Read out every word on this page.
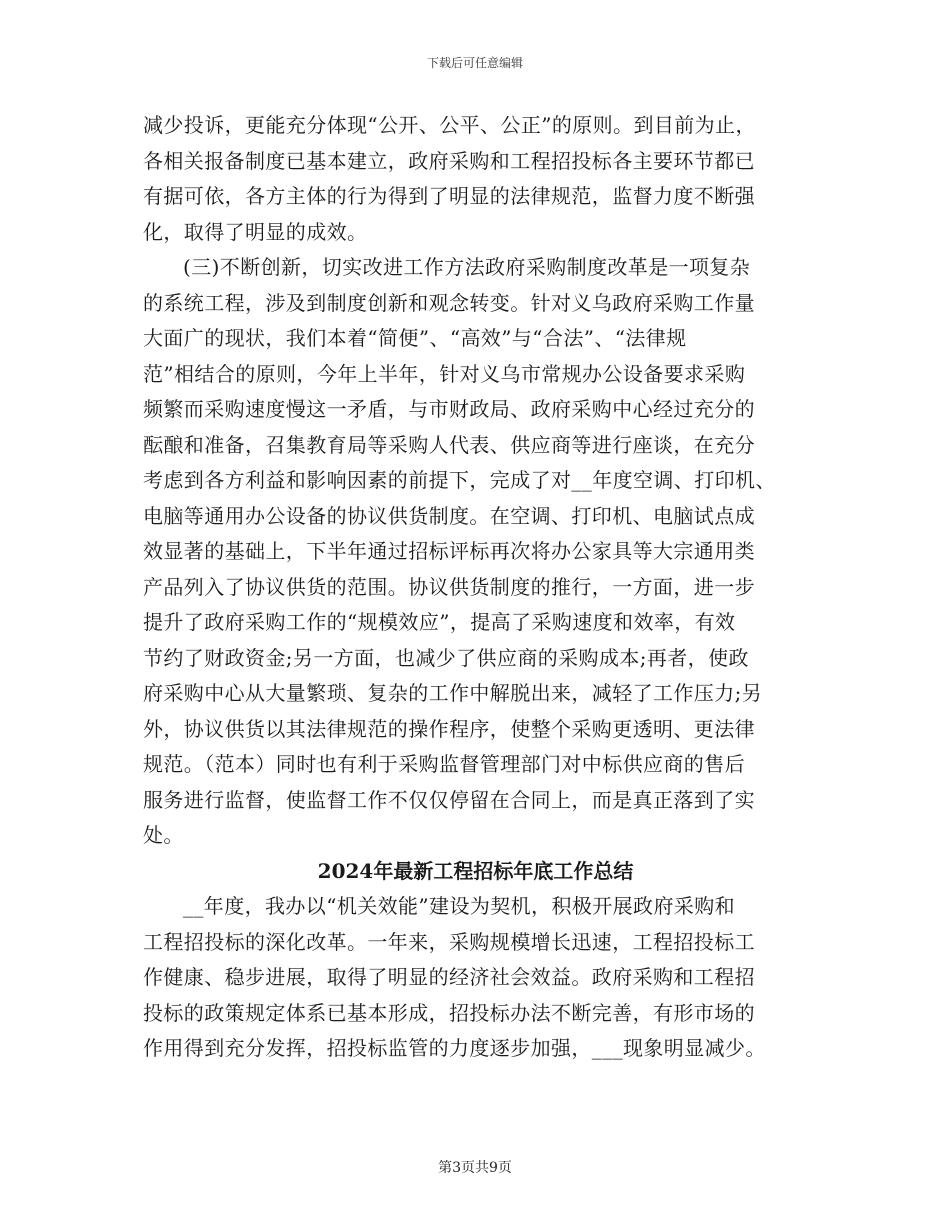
下载后可任意编辑
减少投诉，更能充分体现“公开、公平、公正”的原则。到目前为止，
各相关报备制度已基本建立，政府采购和工程招投标各主要环节都已
有据可依，各方主体的行为得到了明显的法律规范，监督力度不断强
化，取得了明显的成效。
(三)不断创新，切实改进工作方法政府采购制度改革是一项复杂
的系统工程，涉及到制度创新和观念转变。针对义乌政府采购工作量
大面广的现状，我们本着“简便”、“高效”与“合法”、“法律规
范”相结合的原则，今年上半年，针对义乌市常规办公设备要求采购
频繁而采购速度慢这一矛盾，与市财政局、政府采购中心经过充分的
酝酿和准备，召集教育局等采购人代表、供应商等进行座谈，在充分
考虑到各方利益和影响因素的前提下，完成了对__年度空调、打印机、
电脑等通用办公设备的协议供货制度。在空调、打印机、电脑试点成
效显著的基础上，下半年通过招标评标再次将办公家具等大宗通用类
产品列入了协议供货的范围。协议供货制度的推行，一方面，进一步
提升了政府采购工作的“规模效应”，提高了采购速度和效率，有效
节约了财政资金;另一方面，也减少了供应商的采购成本;再者，使政
府采购中心从大量繁琐、复杂的工作中解脱出来，减轻了工作压力;另
外，协议供货以其法律规范的操作程序，使整个采购更透明、更法律
规范。（范本）同时也有利于采购监督管理部门对中标供应商的售后
服务进行监督，使监督工作不仅仅停留在合同上，而是真正落到了实
处。
2024年最新工程招标年底工作总结
__年度，我办以“机关效能”建设为契机，积极开展政府采购和
工程招投标的深化改革。一年来，采购规模增长迅速，工程招投标工
作健康、稳步进展，取得了明显的经济社会效益。政府采购和工程招
投标的政策规定体系已基本形成，招投标办法不断完善，有形市场的
作用得到充分发挥，招投标监管的力度逐步加强，___现象明显减少。
第3页共9页
